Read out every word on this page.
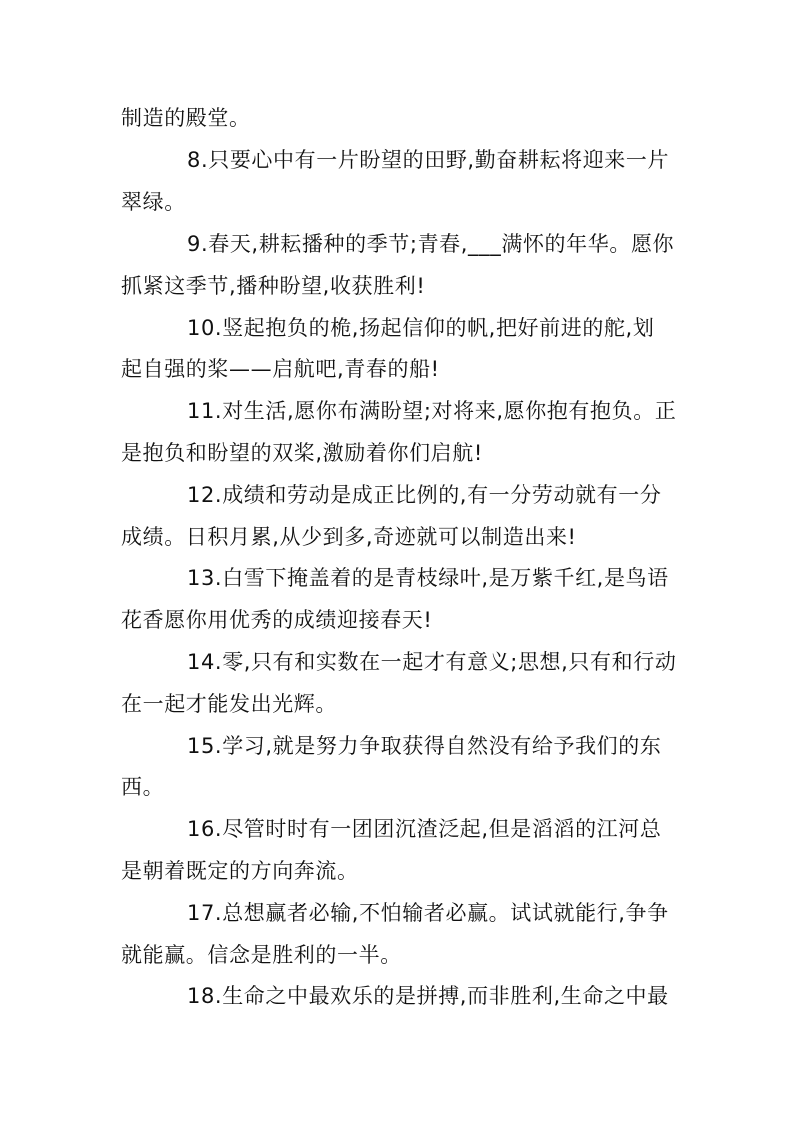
制造的殿堂。
8.只要心中有一片盼望的田野,勤奋耕耘将迎来一片
翠绿。
9.春天,耕耘播种的季节;青春,___满怀的年华。愿你
抓紧这季节,播种盼望,收获胜利!
10.竖起抱负的桅,扬起信仰的帆,把好前进的舵,划
起自强的桨——启航吧,青春的船!
11.对生活,愿你布满盼望;对将来,愿你抱有抱负。正
是抱负和盼望的双桨,激励着你们启航!
12.成绩和劳动是成正比例的,有一分劳动就有一分
成绩。日积月累,从少到多,奇迹就可以制造出来!
13.白雪下掩盖着的是青枝绿叶,是万紫千红,是鸟语
花香愿你用优秀的成绩迎接春天!
14.零,只有和实数在一起才有意义;思想,只有和行动
在一起才能发出光辉。
15.学习,就是努力争取获得自然没有给予我们的东
西。
16.尽管时时有一团团沉渣泛起,但是滔滔的江河总
是朝着既定的方向奔流。
17.总想赢者必输,不怕输者必赢。试试就能行,争争
就能赢。信念是胜利的一半。
18.生命之中最欢乐的是拼搏,而非胜利,生命之中最
